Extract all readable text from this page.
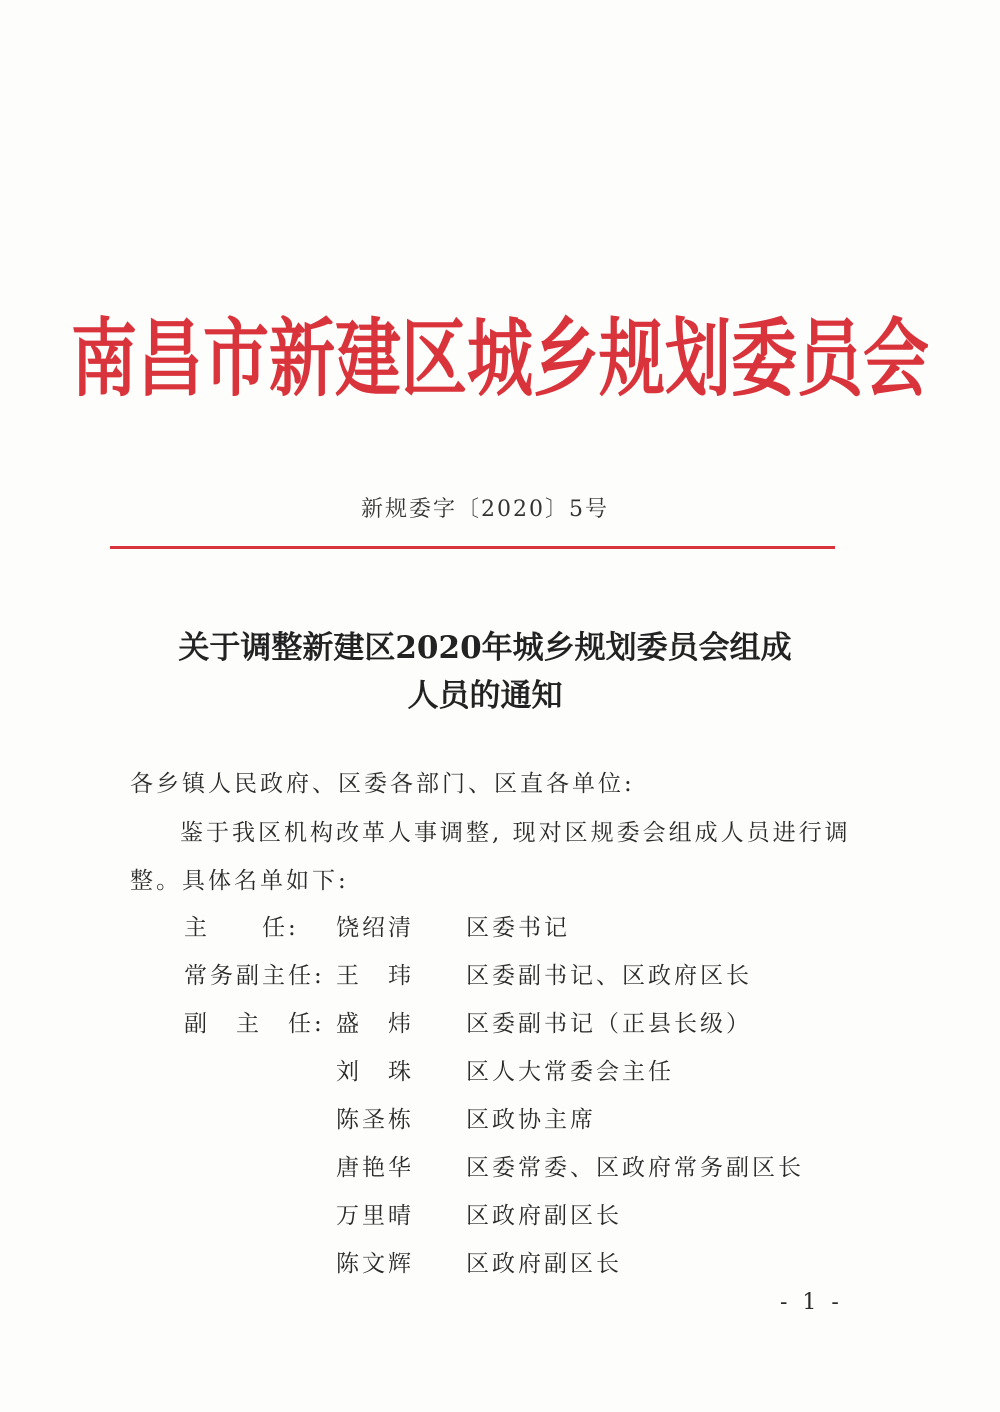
南昌市新建区城乡规划委员会
新规委字〔2020〕5号
关于调整新建区2020年城乡规划委员会组成
人员的通知
各乡镇人民政府、区委各部门、区直各单位:
鉴于我区机构改革人事调整, 现对区规委会组成人员进行调
整。具体名单如下:
主　　任:	饶绍清 区委书记
常务副主任: 王　玮 区委副书记、区政府区长
副　主　任: 盛　炜 区委副书记（正县长级）
刘　珠 区人大常委会主任
陈圣栋 区政协主席
唐艳华 区委常委、区政府常务副区长
万里晴 区政府副区长
陈文辉 区政府副区长
- 1 -
